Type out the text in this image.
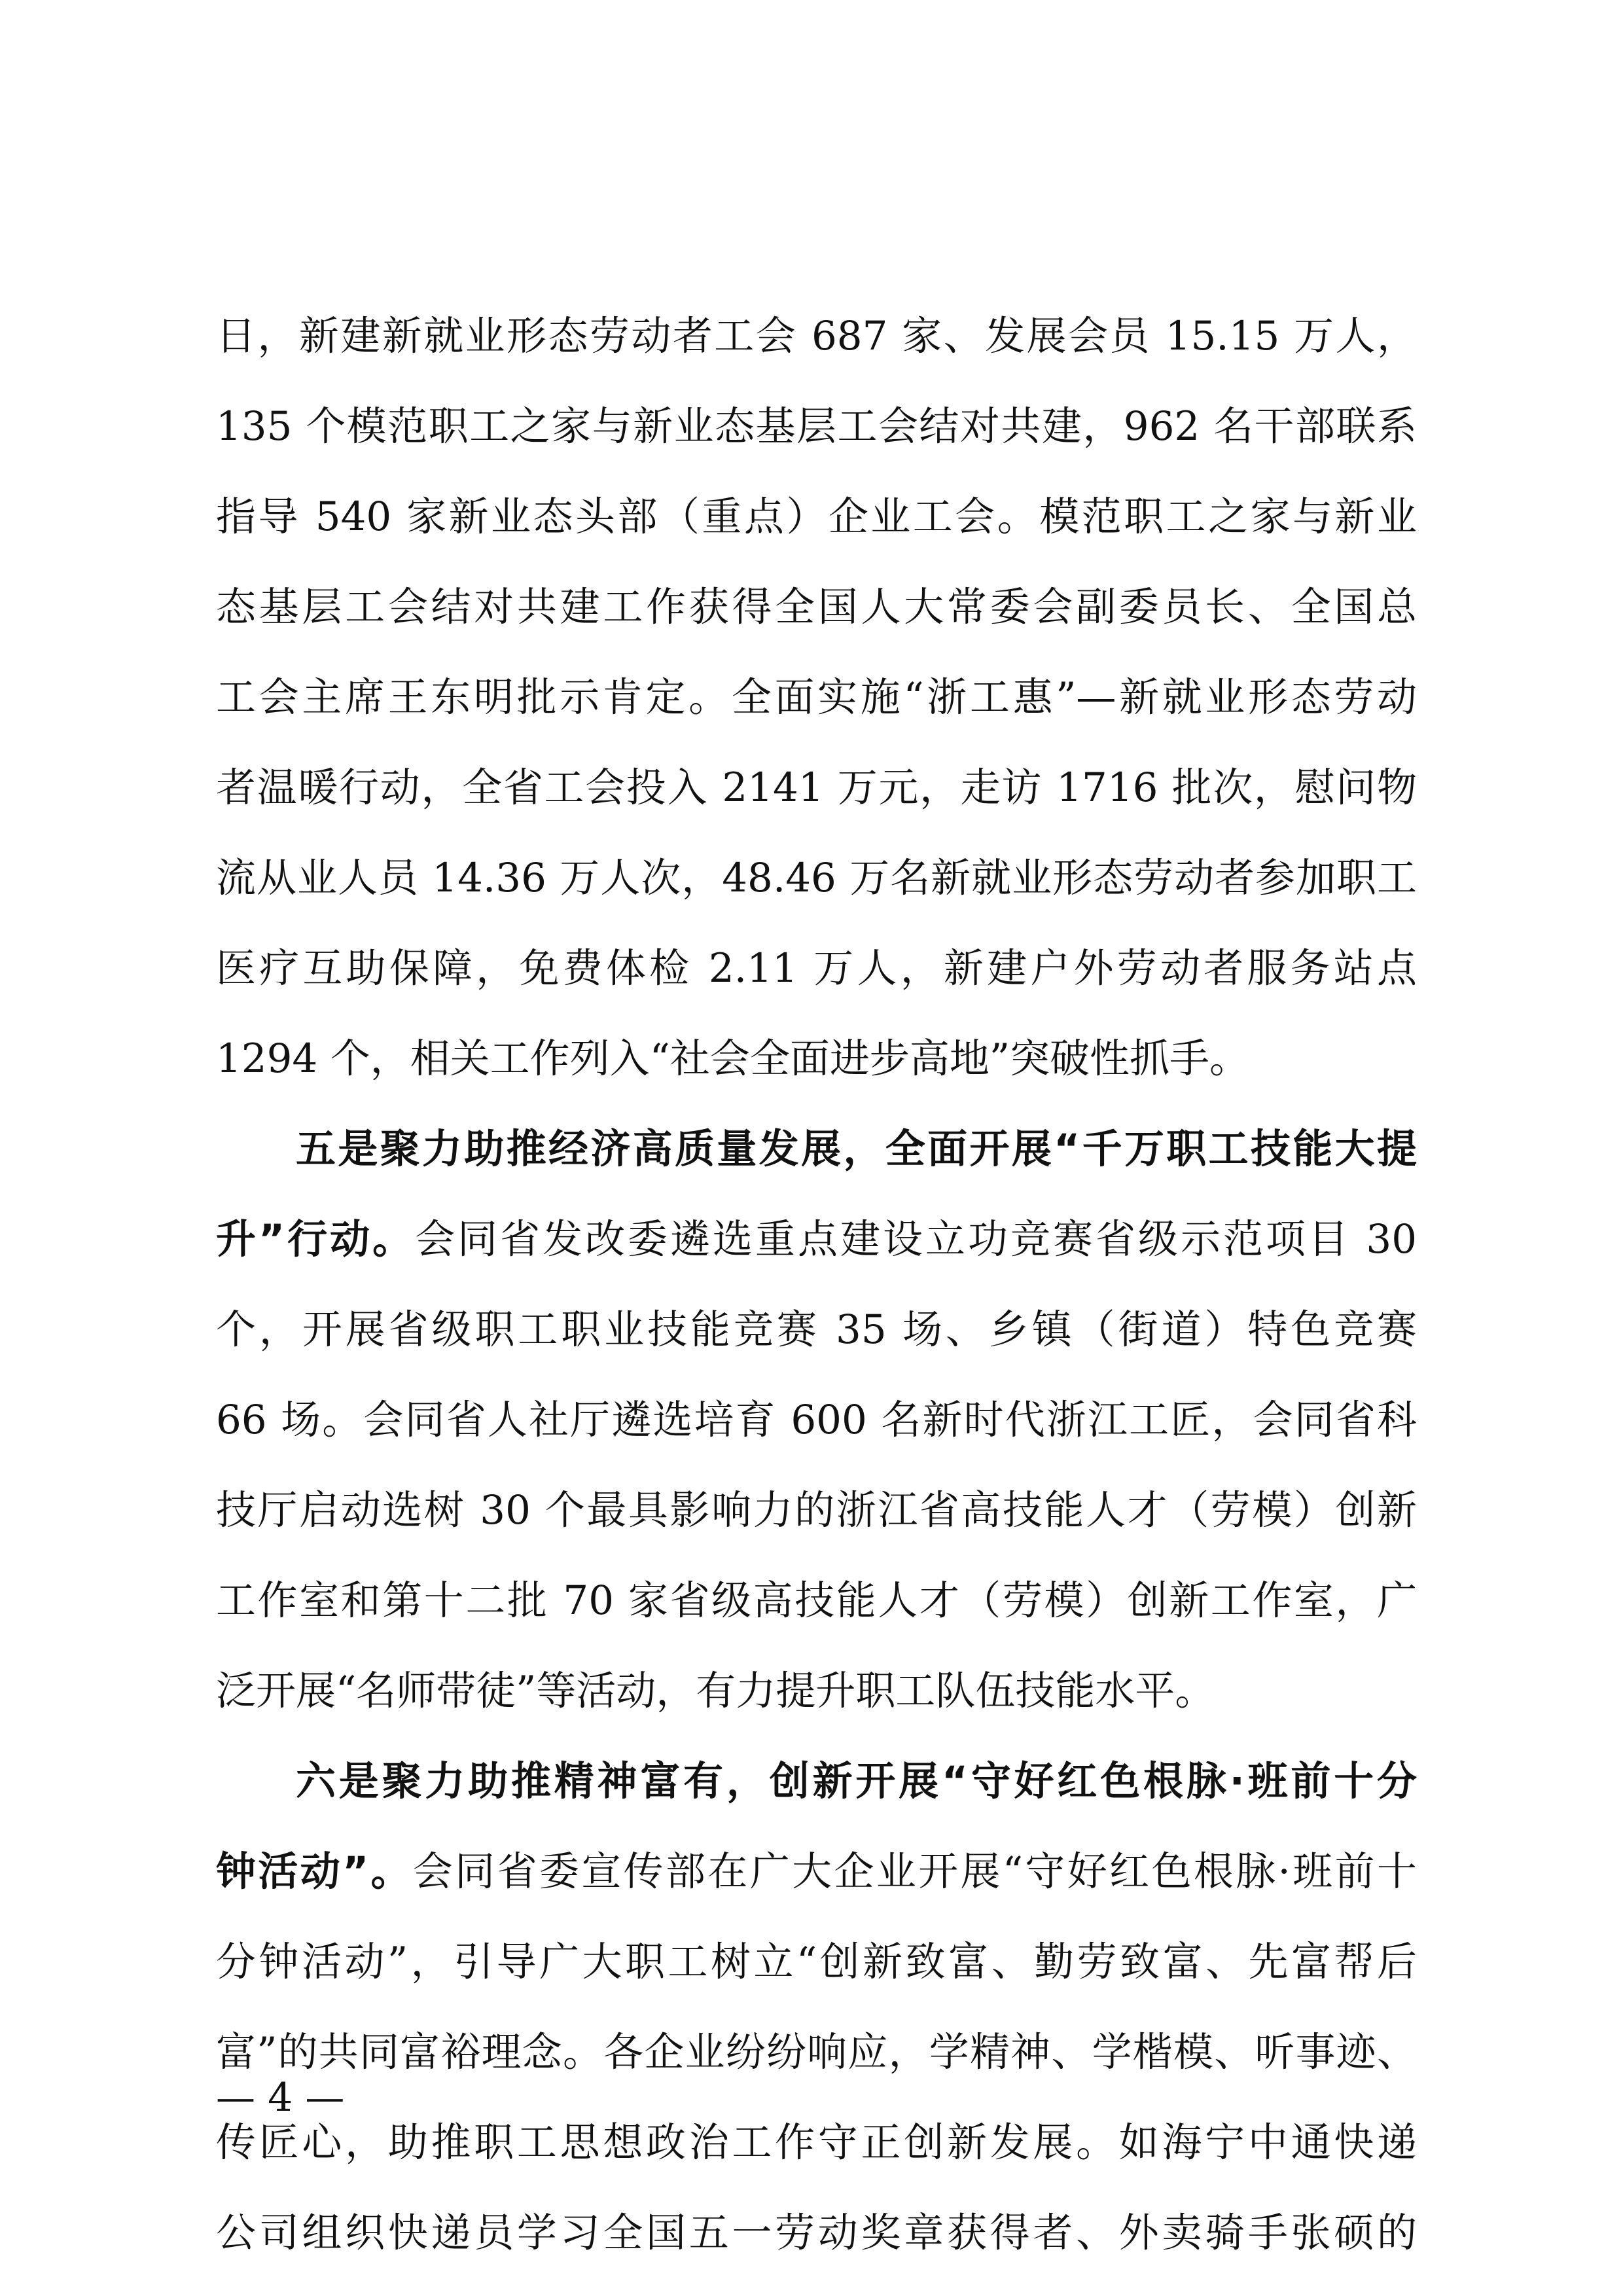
日，新建新就业形态劳动者工会 687 家、发展会员 15.15 万人，
135 个模范职工之家与新业态基层工会结对共建，962 名干部联系
指导 540 家新业态头部（重点）企业工会。模范职工之家与新业
态基层工会结对共建工作获得全国人大常委会副委员长、全国总
工会主席王东明批示肯定。全面实施“浙工惠”—新就业形态劳动
者温暖行动，全省工会投入 2141 万元，走访 1716 批次，慰问物
流从业人员 14.36 万人次，48.46 万名新就业形态劳动者参加职工
医疗互助保障，免费体检 2.11 万人，新建户外劳动者服务站点
1294 个，相关工作列入“社会全面进步高地”突破性抓手。
五是聚力助推经济高质量发展，全面开展“千万职工技能大提
升”行动。会同省发改委遴选重点建设立功竞赛省级示范项目 30
个，开展省级职工职业技能竞赛 35 场、乡镇（街道）特色竞赛
66 场。会同省人社厅遴选培育 600 名新时代浙江工匠，会同省科
技厅启动选树 30 个最具影响力的浙江省高技能人才（劳模）创新
工作室和第十二批 70 家省级高技能人才（劳模）创新工作室，广
泛开展“名师带徒”等活动，有力提升职工队伍技能水平。
六是聚力助推精神富有，创新开展“守好红色根脉·班前十分
钟活动”。会同省委宣传部在广大企业开展“守好红色根脉·班前十
分钟活动”，引导广大职工树立“创新致富、勤劳致富、先富帮后
富”的共同富裕理念。各企业纷纷响应，学精神、学楷模、听事迹、
传匠心，助推职工思想政治工作守正创新发展。如海宁中通快递
公司组织快递员学习全国五一劳动奖章获得者、外卖骑手张硕的
— 4 —
